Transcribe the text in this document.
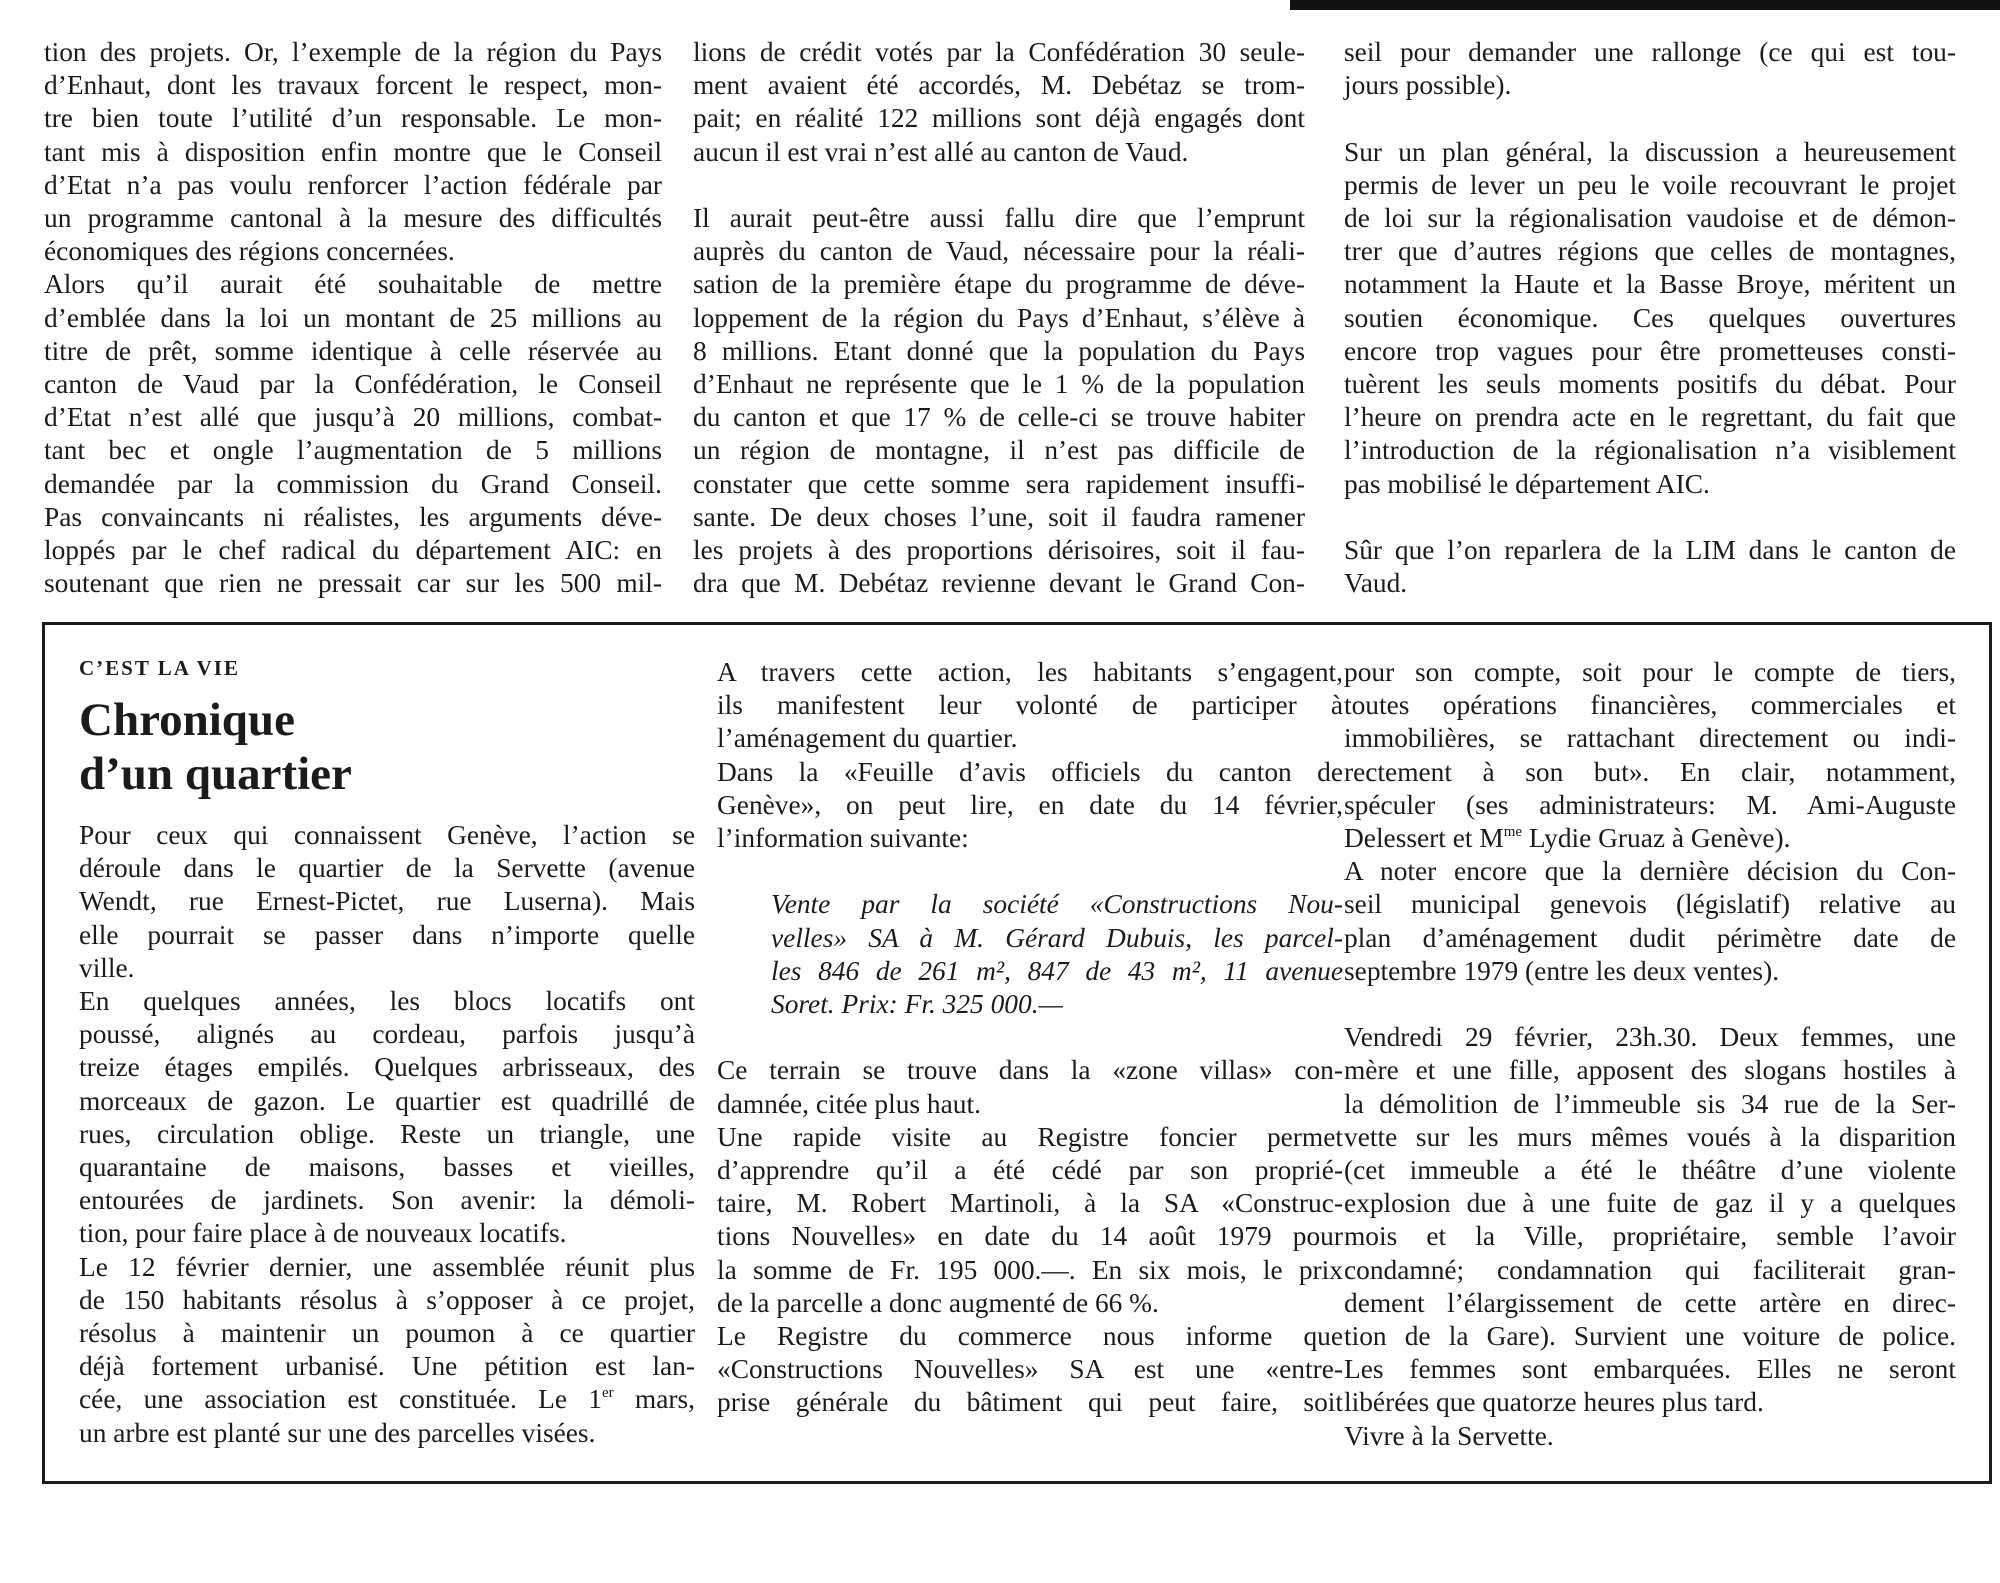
tion des projets. Or, l’exemple de la région du Pays

d’Enhaut, dont les travaux forcent le respect, mon-

tre bien toute l’utilité d’un responsable. Le mon-

tant mis à disposition enfin montre que le Conseil

d’Etat n’a pas voulu renforcer l’action fédérale par

un programme cantonal à la mesure des difficultés

économiques des régions concernées.

Alors qu’il aurait été souhaitable de mettre

d’emblée dans la loi un montant de 25 millions au

titre de prêt, somme identique à celle réservée au

canton de Vaud par la Confédération, le Conseil

d’Etat n’est allé que jusqu’à 20 millions, combat-

tant bec et ongle l’augmentation de 5 millions

demandée par la commission du Grand Conseil.

Pas convaincants ni réalistes, les arguments déve-

loppés par le chef radical du département AIC: en

soutenant que rien ne pressait car sur les 500 mil-

lions de crédit votés par la Confédération 30 seule-

ment avaient été accordés, M. Debétaz se trom-

pait; en réalité 122 millions sont déjà engagés dont

aucun il est vrai n’est allé au canton de Vaud.

Il aurait peut-être aussi fallu dire que l’emprunt

auprès du canton de Vaud, nécessaire pour la réali-

sation de la première étape du programme de déve-

loppement de la région du Pays d’Enhaut, s’élève à

8 millions. Etant donné que la population du Pays

d’Enhaut ne représente que le 1 % de la population

du canton et que 17 % de celle-ci se trouve habiter

un région de montagne, il n’est pas difficile de

constater que cette somme sera rapidement insuffi-

sante. De deux choses l’une, soit il faudra ramener

les projets à des proportions dérisoires, soit il fau-

dra que M. Debétaz revienne devant le Grand Con-

seil pour demander une rallonge (ce qui est tou-

jours possible).

Sur un plan général, la discussion a heureusement

permis de lever un peu le voile recouvrant le projet

de loi sur la régionalisation vaudoise et de démon-

trer que d’autres régions que celles de montagnes,

notamment la Haute et la Basse Broye, méritent un

soutien économique. Ces quelques ouvertures

encore trop vagues pour être prometteuses consti-

tuèrent les seuls moments positifs du débat. Pour

l’heure on prendra acte en le regrettant, du fait que

l’introduction de la régionalisation n’a visiblement

pas mobilisé le département AIC.

Sûr que l’on reparlera de la LIM dans le canton de

Vaud.

C’EST LA VIE
Chronique
d’un quartier

Pour ceux qui connaissent Genève, l’action se

déroule dans le quartier de la Servette (avenue

Wendt, rue Ernest-Pictet, rue Luserna). Mais

elle pourrait se passer dans n’importe quelle

ville.

En quelques années, les blocs locatifs ont

poussé, alignés au cordeau, parfois jusqu’à

treize étages empilés. Quelques arbrisseaux, des

morceaux de gazon. Le quartier est quadrillé de

rues, circulation oblige. Reste un triangle, une

quarantaine de maisons, basses et vieilles,

entourées de jardinets. Son avenir: la démoli-

tion, pour faire place à de nouveaux locatifs.

Le 12 février dernier, une assemblée réunit plus

de 150 habitants résolus à s’opposer à ce projet,

résolus à maintenir un poumon à ce quartier

déjà fortement urbanisé. Une pétition est lan-

cée, une association est constituée. Le 1er mars,

un arbre est planté sur une des parcelles visées.

A travers cette action, les habitants s’engagent,

ils manifestent leur volonté de participer à

l’aménagement du quartier.

Dans la «Feuille d’avis officiels du canton de

Genève», on peut lire, en date du 14 février,

l’information suivante:

Vente par la société «Constructions Nou-

velles» SA à M. Gérard Dubuis, les parcel-

les 846 de 261 m², 847 de 43 m², 11 avenue

Soret. Prix: Fr. 325 000.—

Ce terrain se trouve dans la «zone villas» con-

damnée, citée plus haut.

Une rapide visite au Registre foncier permet

d’apprendre qu’il a été cédé par son proprié-

taire, M. Robert Martinoli, à la SA «Construc-

tions Nouvelles» en date du 14 août 1979 pour

la somme de Fr. 195 000.—. En six mois, le prix

de la parcelle a donc augmenté de 66 %.

Le Registre du commerce nous informe que

«Constructions Nouvelles» SA est une «entre-

prise générale du bâtiment qui peut faire, soit

pour son compte, soit pour le compte de tiers,

toutes opérations financières, commerciales et

immobilières, se rattachant directement ou indi-

rectement à son but». En clair, notamment,

spéculer (ses administrateurs: M. Ami-Auguste

Delessert et $M^{me}$ Lydie Gruaz à Genève).

A noter encore que la dernière décision du Con-

seil municipal genevois (législatif) relative au

plan d’aménagement dudit périmètre date de

septembre 1979 (entre les deux ventes).

Vendredi 29 février, 23h.30. Deux femmes, une

mère et une fille, apposent des slogans hostiles à

la démolition de l’immeuble sis 34 rue de la Ser-

vette sur les murs mêmes voués à la disparition

(cet immeuble a été le théâtre d’une violente

explosion due à une fuite de gaz il y a quelques

mois et la Ville, propriétaire, semble l’avoir

condamné; condamnation qui faciliterait gran-

dement l’élargissement de cette artère en direc-

tion de la Gare). Survient une voiture de police.

Les femmes sont embarquées. Elles ne seront

libérées que quatorze heures plus tard.

Vivre à la Servette.
